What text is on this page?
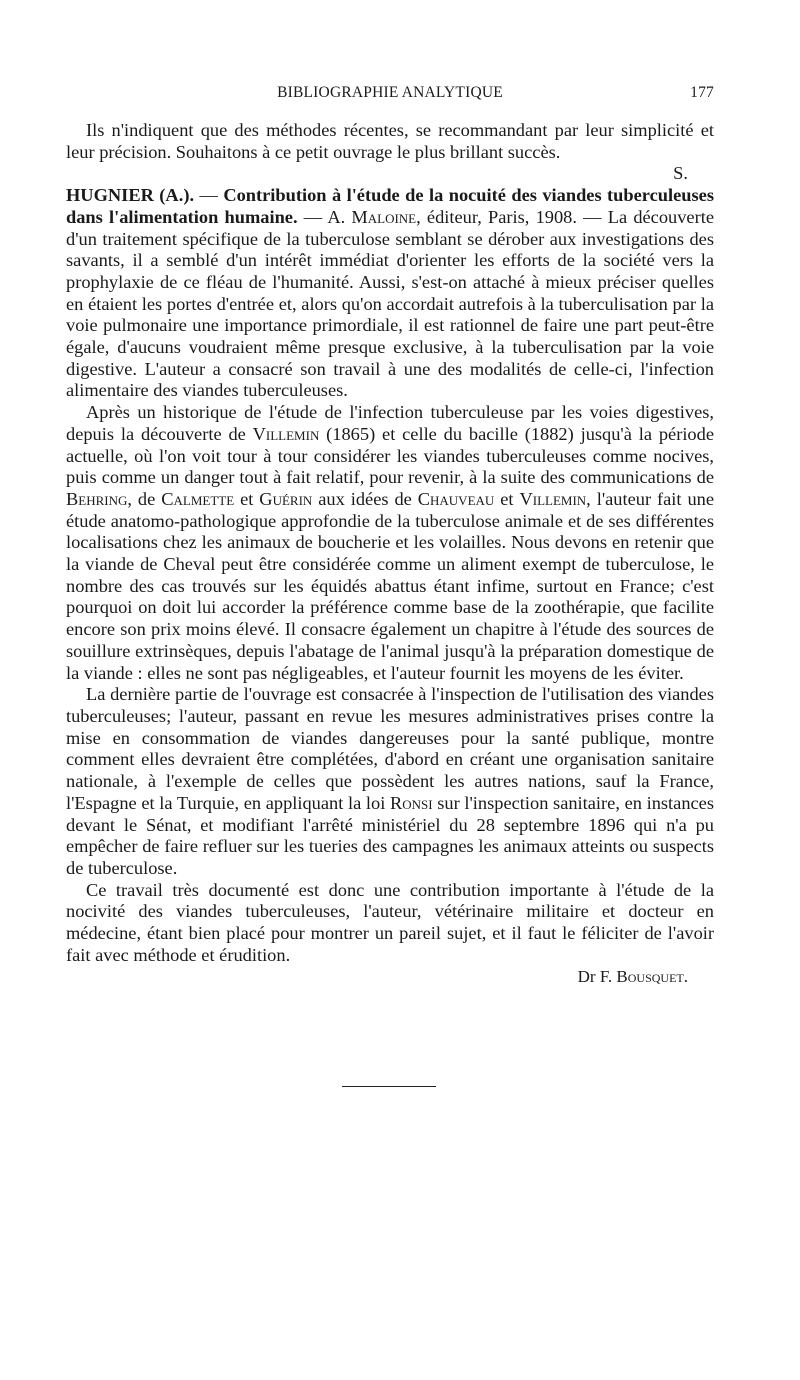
BIBLIOGRAPHIE ANALYTIQUE	177

Ils n'indiquent que des méthodes récentes, se recommandant par leur simplicité et leur précision. Souhaitons à ce petit ouvrage le plus brillant succès.

S.

HUGNIER (A.). — Contribution à l'étude de la nocuité des viandes tuberculeuses dans l'alimentation humaine. — A. Maloine, éditeur, Paris, 1908. — La découverte d'un traitement spécifique de la tuberculose semblant se dérober aux investigations des savants, il a semblé d'un intérêt immédiat d'orienter les efforts de la société vers la prophylaxie de ce fléau de l'humanité. Aussi, s'est-on attaché à mieux préciser quelles en étaient les portes d'entrée et, alors qu'on accordait autrefois à la tuberculisation par la voie pulmonaire une importance primordiale, il est rationnel de faire une part peut-être égale, d'aucuns voudraient même presque exclusive, à la tuberculisation par la voie digestive. L'auteur a consacré son travail à une des modalités de celle-ci, l'infection alimentaire des viandes tuberculeuses.

Après un historique de l'étude de l'infection tuberculeuse par les voies digestives, depuis la découverte de Villemin (1865) et celle du bacille (1882) jusqu'à la période actuelle, où l'on voit tour à tour considérer les viandes tuberculeuses comme nocives, puis comme un danger tout à fait relatif, pour revenir, à la suite des communications de Behring, de Calmette et Guérin aux idées de Chauveau et Villemin, l'auteur fait une étude anatomo-pathologique approfondie de la tuberculose animale et de ses différentes localisations chez les animaux de boucherie et les volailles. Nous devons en retenir que la viande de Cheval peut être considérée comme un aliment exempt de tuberculose, le nombre des cas trouvés sur les équidés abattus étant infime, surtout en France; c'est pourquoi on doit lui accorder la préférence comme base de la zoothérapie, que facilite encore son prix moins élevé. Il consacre également un chapitre à l'étude des sources de souillure extrinsèques, depuis l'abatage de l'animal jusqu'à la préparation domestique de la viande : elles ne sont pas négligeables, et l'auteur fournit les moyens de les éviter.

La dernière partie de l'ouvrage est consacrée à l'inspection de l'utilisation des viandes tuberculeuses; l'auteur, passant en revue les mesures administratives prises contre la mise en consommation de viandes dangereuses pour la santé publique, montre comment elles devraient être complétées, d'abord en créant une organisation sanitaire nationale, à l'exemple de celles que possèdent les autres nations, sauf la France, l'Espagne et la Turquie, en appliquant la loi Ronsi sur l'inspection sanitaire, en instances devant le Sénat, et modifiant l'arrêté ministériel du 28 septembre 1896 qui n'a pu empêcher de faire refluer sur les tueries des campagnes les animaux atteints ou suspects de tuberculose.

Ce travail très documenté est donc une contribution importante à l'étude de la nocivité des viandes tuberculeuses, l'auteur, vétérinaire militaire et docteur en médecine, étant bien placé pour montrer un pareil sujet, et il faut le féliciter de l'avoir fait avec méthode et érudition.

Dr F. Bousquet.
